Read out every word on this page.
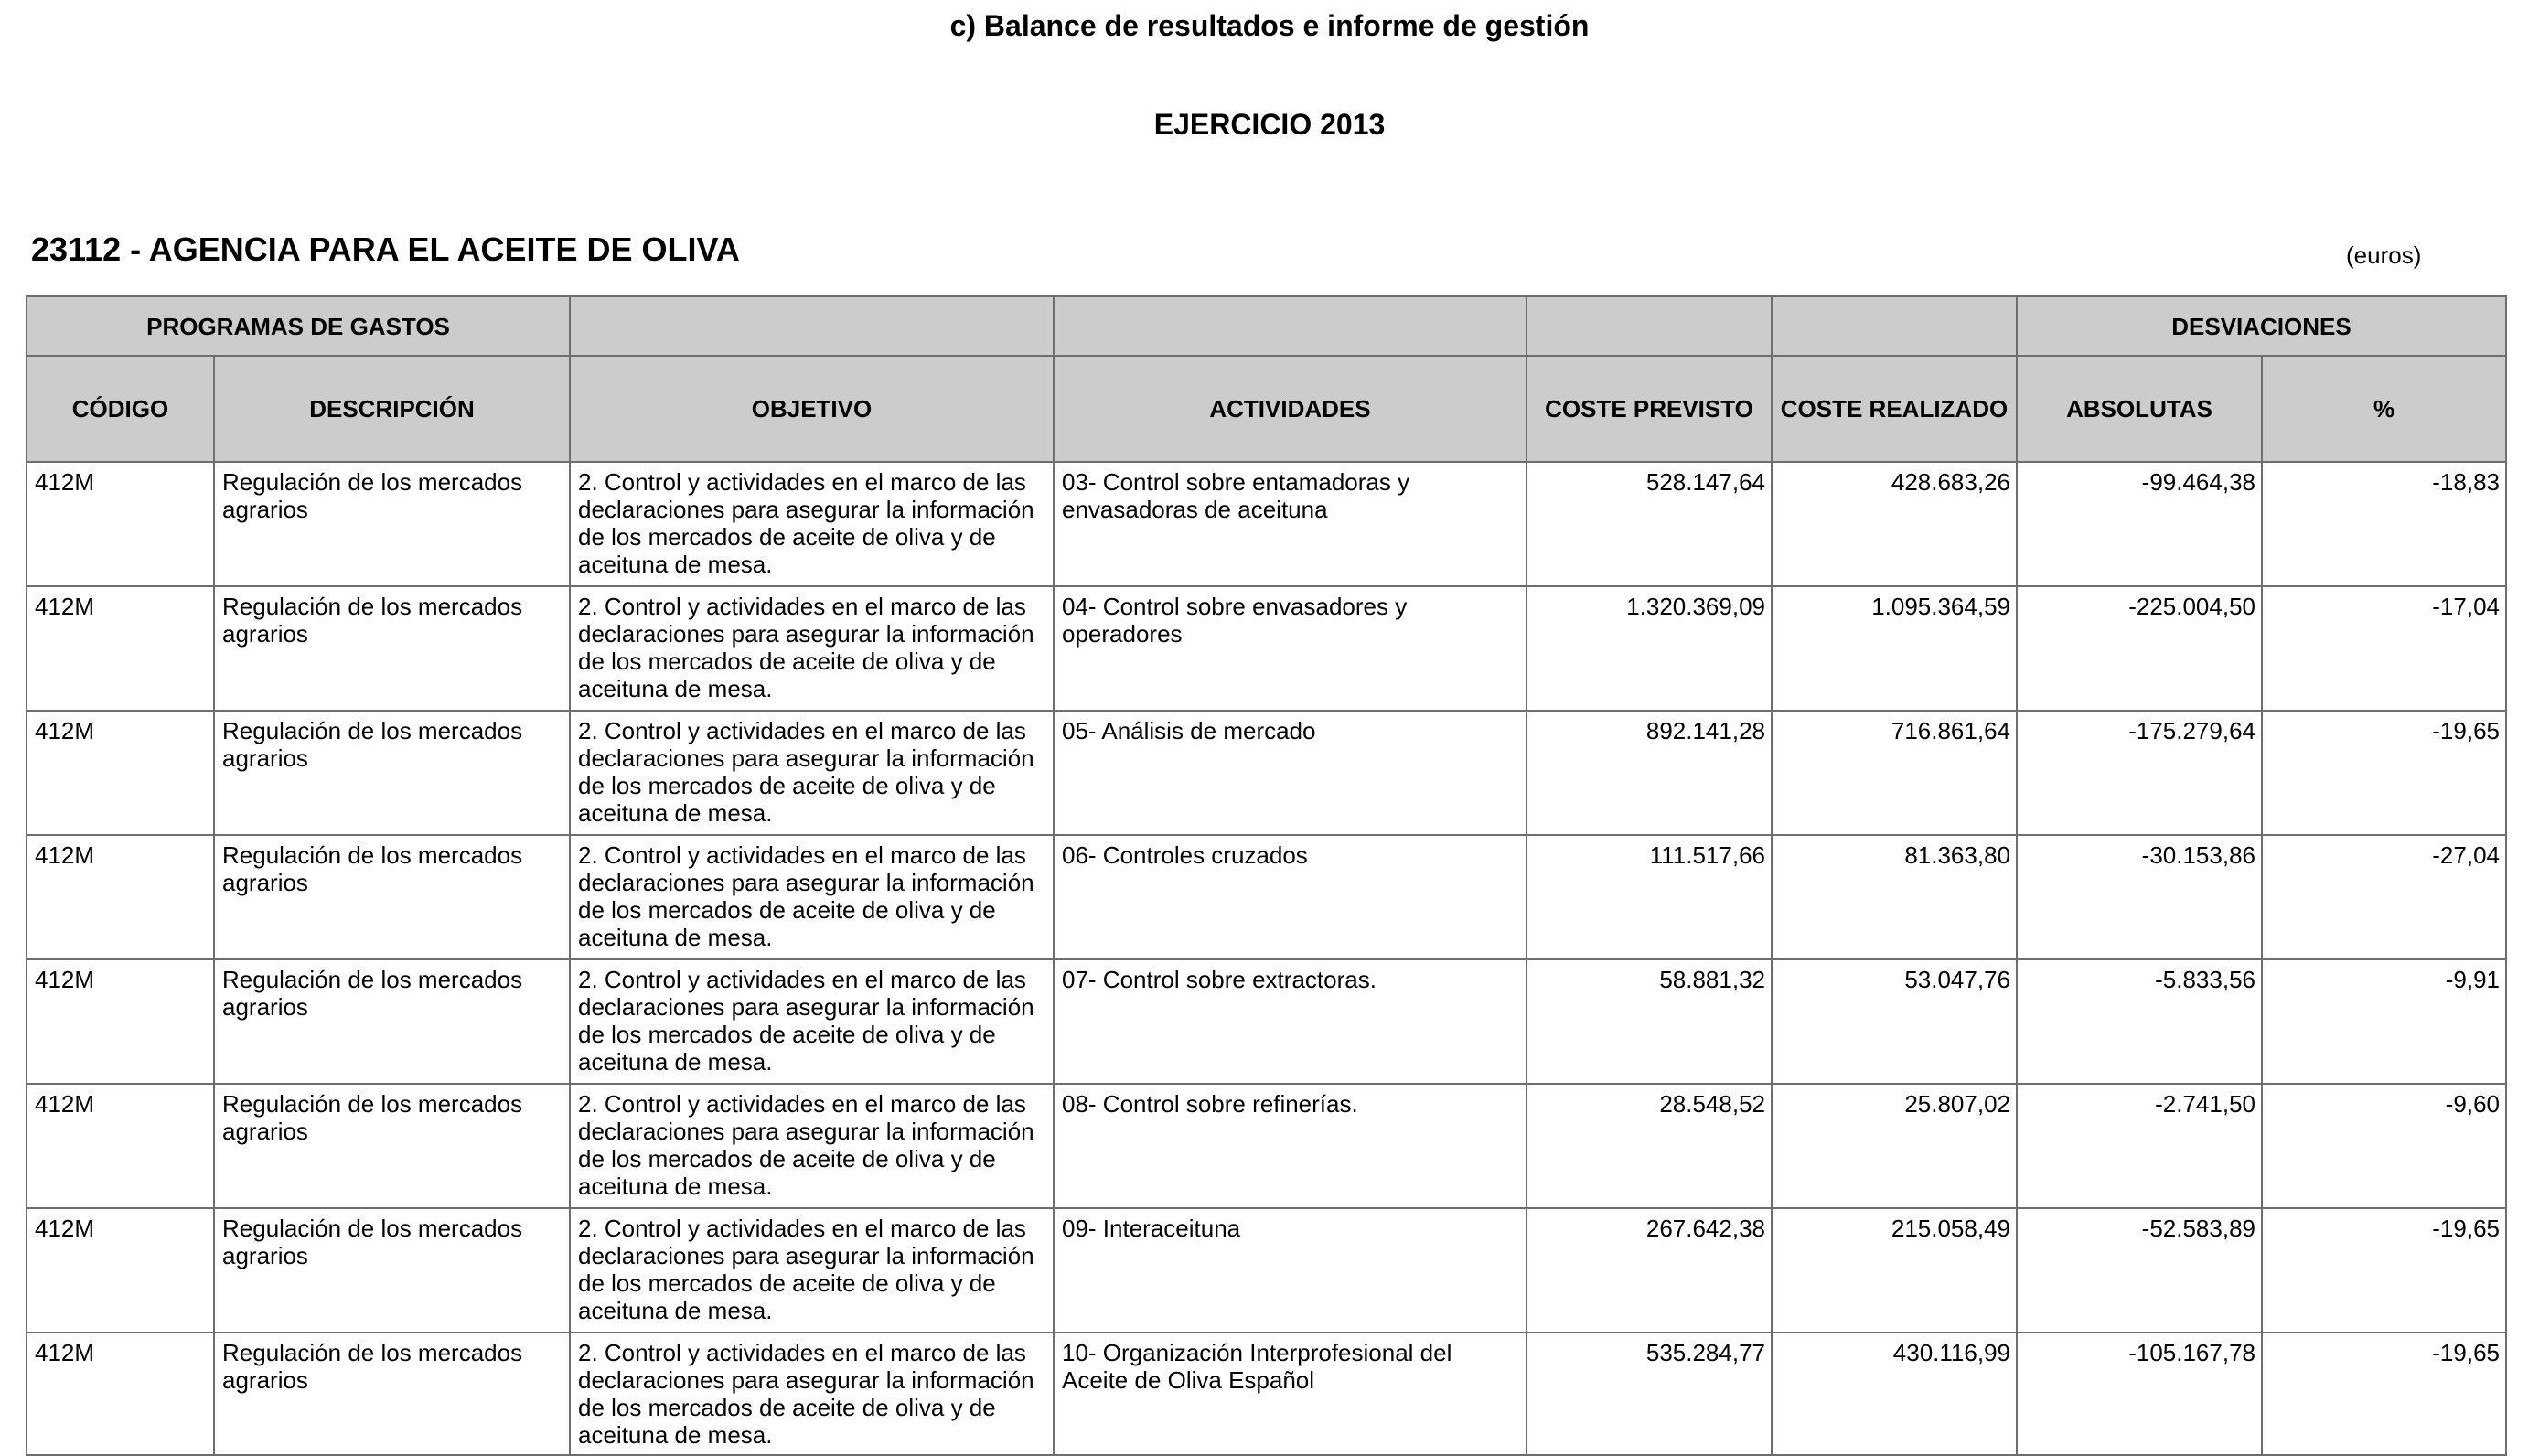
c) Balance de resultados e informe de gestión
EJERCICIO 2013
23112 - AGENCIA PARA EL ACEITE DE OLIVA	(euros)
PROGRAMAS DE GASTOS						DESVIACIONES	
CÓDIGO	DESCRIPCIÓN	OBJETIVO	ACTIVIDADES	COSTE PREVISTO	COSTE REALIZADO	ABSOLUTAS	%
412M	Regulación de los mercados agrarios	2. Control y actividades en el marco de las declaraciones para asegurar la información de los mercados de aceite de oliva y de aceituna de mesa.	03- Control sobre entamadoras y envasadoras de aceituna	528.147,64	428.683,26	-99.464,38	-18,83
412M	Regulación de los mercados agrarios	2. Control y actividades en el marco de las declaraciones para asegurar la información de los mercados de aceite de oliva y de aceituna de mesa.	04- Control sobre envasadores y operadores	1.320.369,09	1.095.364,59	-225.004,50	-17,04
412M	Regulación de los mercados agrarios	2. Control y actividades en el marco de las declaraciones para asegurar la información de los mercados de aceite de oliva y de aceituna de mesa.	05- Análisis de mercado	892.141,28	716.861,64	-175.279,64	-19,65
412M	Regulación de los mercados agrarios	2. Control y actividades en el marco de las declaraciones para asegurar la información de los mercados de aceite de oliva y de aceituna de mesa.	06- Controles cruzados	111.517,66	81.363,80	-30.153,86	-27,04
412M	Regulación de los mercados agrarios	2. Control y actividades en el marco de las declaraciones para asegurar la información de los mercados de aceite de oliva y de aceituna de mesa.	07- Control sobre extractoras.	58.881,32	53.047,76	-5.833,56	-9,91
412M	Regulación de los mercados agrarios	2. Control y actividades en el marco de las declaraciones para asegurar la información de los mercados de aceite de oliva y de aceituna de mesa.	08- Control sobre refinerías.	28.548,52	25.807,02	-2.741,50	-9,60
412M	Regulación de los mercados agrarios	2. Control y actividades en el marco de las declaraciones para asegurar la información de los mercados de aceite de oliva y de aceituna de mesa.	09- Interaceituna	267.642,38	215.058,49	-52.583,89	-19,65
412M	Regulación de los mercados agrarios	2. Control y actividades en el marco de las declaraciones para asegurar la información de los mercados de aceite de oliva y de aceituna de mesa.	10- Organización Interprofesional del Aceite de Oliva Español	535.284,77	430.116,99	-105.167,78	-19,65
